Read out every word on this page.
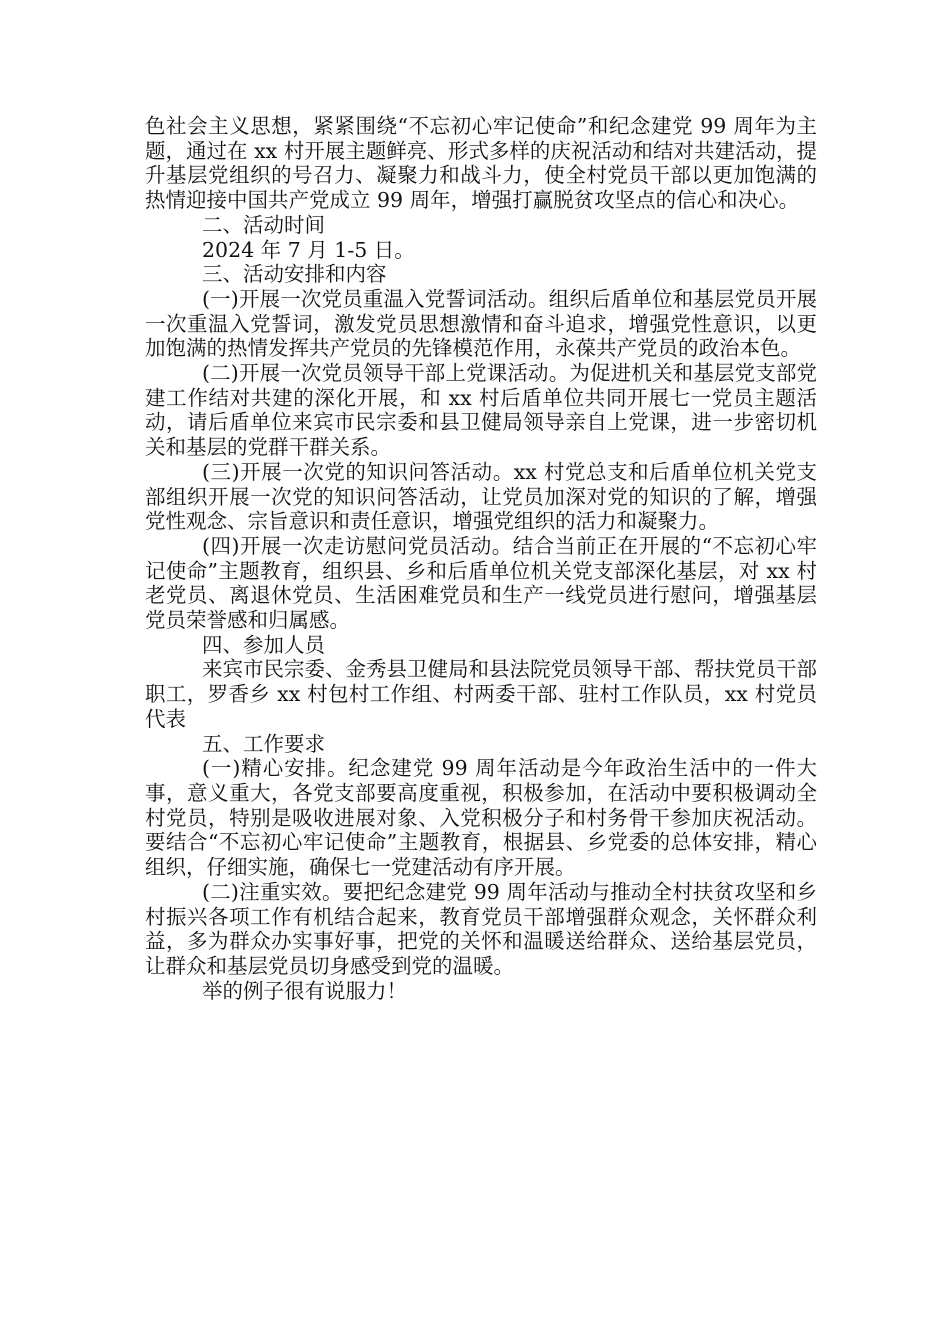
色社会主义思想，紧紧围绕“不忘初心牢记使命”和纪念建党 99 周年为主题，通过在 xx 村开展主题鲜亮、形式多样的庆祝活动和结对共建活动，提升基层党组织的号召力、凝聚力和战斗力，使全村党员干部以更加饱满的热情迎接中国共产党成立 99 周年，增强打赢脱贫攻坚点的信心和决心。

二、活动时间

2024 年 7 月 1-5 日。

三、活动安排和内容

(一)开展一次党员重温入党誓词活动。组织后盾单位和基层党员开展一次重温入党誓词，激发党员思想激情和奋斗追求，增强党性意识，以更加饱满的热情发挥共产党员的先锋模范作用，永葆共产党员的政治本色。

(二)开展一次党员领导干部上党课活动。为促进机关和基层党支部党建工作结对共建的深化开展，和 xx 村后盾单位共同开展七一党员主题活动，请后盾单位来宾市民宗委和县卫健局领导亲自上党课，进一步密切机关和基层的党群干群关系。

(三)开展一次党的知识问答活动。xx 村党总支和后盾单位机关党支部组织开展一次党的知识问答活动，让党员加深对党的知识的了解，增强党性观念、宗旨意识和责任意识，增强党组织的活力和凝聚力。

(四)开展一次走访慰问党员活动。结合当前正在开展的“不忘初心牢记使命”主题教育，组织县、乡和后盾单位机关党支部深化基层，对 xx 村老党员、离退休党员、生活困难党员和生产一线党员进行慰问，增强基层党员荣誉感和归属感。

四、参加人员

来宾市民宗委、金秀县卫健局和县法院党员领导干部、帮扶党员干部职工，罗香乡 xx 村包村工作组、村两委干部、驻村工作队员，xx 村党员代表

五、工作要求

(一)精心安排。纪念建党 99 周年活动是今年政治生活中的一件大事，意义重大，各党支部要高度重视，积极参加，在活动中要积极调动全村党员，特别是吸收进展对象、入党积极分子和村务骨干参加庆祝活动。要结合“不忘初心牢记使命”主题教育，根据县、乡党委的总体安排，精心组织，仔细实施，确保七一党建活动有序开展。

(二)注重实效。要把纪念建党 99 周年活动与推动全村扶贫攻坚和乡村振兴各项工作有机结合起来，教育党员干部增强群众观念，关怀群众利益，多为群众办实事好事，把党的关怀和温暖送给群众、送给基层党员，让群众和基层党员切身感受到党的温暖。

举的例子很有说服力！
